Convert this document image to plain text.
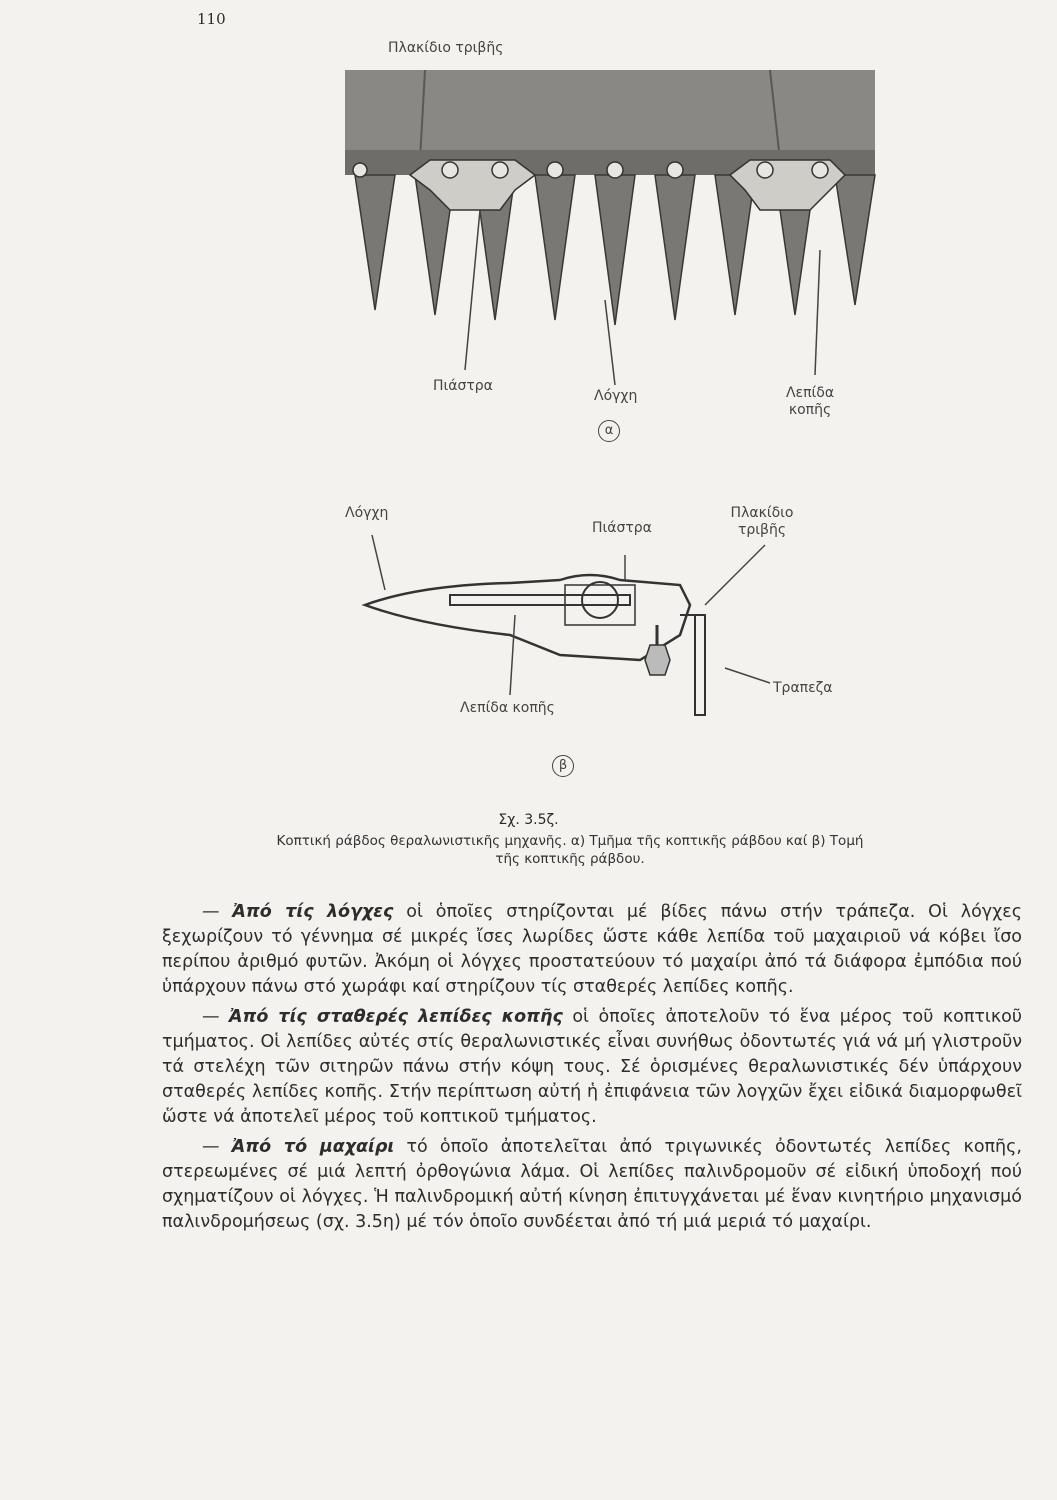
110
Πλακίδιο τριβῆς
Πιάστρα
Λόγχη	Λεπίδα κοπῆς
α
Λόγχη
Πιάστρα
Πλακίδιο τριβῆς
Λεπίδα κοπῆς
Τραπεζα
β
Σχ. 3.5ζ.
Κοπτική ράβδος θεραλωνιστικῆς μηχανῆς. α) Τμῆμα τῆς κοπτικῆς ράβδου καί β) Τομή τῆς κοπτικῆς ράβδου.

— Ἀπό τίς λόγχες οἱ ὁποῖες στηρίζονται μέ βίδες πάνω στήν τράπεζα. Οἱ λόγχες ξεχωρίζουν τό γέννημα σέ μικρές ἴσες λωρίδες ὥστε κάθε λεπίδα τοῦ μαχαιριοῦ νά κόβει ἴσο περίπου ἀριθμό φυτῶν. Ἀκόμη οἱ λόγχες προστατεύουν τό μαχαίρι ἀπό τά διάφορα ἐμπόδια πού ὑπάρχουν πάνω στό χωράφι καί στηρίζουν τίς σταθερές λεπίδες κοπῆς.

— Ἀπό τίς σταθερές λεπίδες κοπῆς οἱ ὁποῖες ἀποτελοῦν τό ἕνα μέρος τοῦ κοπτικοῦ τμήματος. Οἱ λεπίδες αὐτές στίς θεραλωνιστικές εἶναι συνήθως ὀδοντωτές γιά νά μή γλιστροῦν τά στελέχη τῶν σιτηρῶν πάνω στήν κόψη τους. Σέ ὁρισμένες θεραλωνιστικές δέν ὑπάρχουν σταθερές λεπίδες κοπῆς. Στήν περίπτωση αὐτή ἡ ἐπιφάνεια τῶν λογχῶν ἔχει εἰδικά διαμορφωθεῖ ὥστε νά ἀποτελεῖ μέρος τοῦ κοπτικοῦ τμήματος.

— Ἀπό τό μαχαίρι τό ὁποῖο ἀποτελεῖται ἀπό τριγωνικές ὀδοντωτές λεπίδες κοπῆς, στερεωμένες σέ μιά λεπτή ὀρθογώνια λάμα. Οἱ λεπίδες παλινδρομοῦν σέ εἰδική ὑποδοχή πού σχηματίζουν οἱ λόγχες. Ἡ παλινδρομική αὐτή κίνηση ἐπιτυγχάνεται μέ ἕναν κινητήριο μηχανισμό παλινδρομήσεως (σχ. 3.5η) μέ τόν ὁποῖο συνδέεται ἀπό τή μιά μεριά τό μαχαίρι.
